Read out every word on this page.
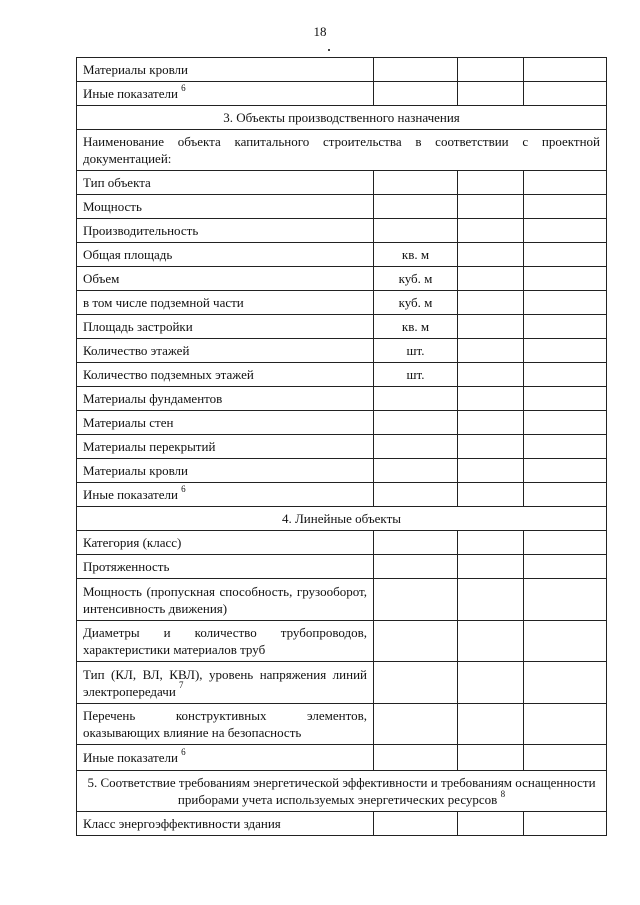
18
Материалы кровли			
Иные показатели $^6$			
3. Объекты производственного назначения			
Наименование объекта капитального строительства в соответствии с проектной документацией:			
Тип объекта			
Мощность			
Производительность			
Общая площадь	кв. м		
Объем	куб. м		
в том числе подземной части	куб. м		
Площадь застройки	кв. м		
Количество этажей	шт.		
Количество подземных этажей	шт.		
Материалы фундаментов			
Материалы стен			
Материалы перекрытий			
Материалы кровли			
Иные показатели $^6$			
4. Линейные объекты			
Категория (класс)			
Протяженность			
Мощность (пропускная способность, грузооборот, интенсивность движения)			
Диаметры и количество трубопроводов, характеристики материалов труб			
Тип (КЛ, ВЛ, КВЛ), уровень напряжения линий электропередачи $^7$			
Перечень конструктивных элементов, оказывающих влияние на безопасность			
Иные показатели $^6$			
5. Соответствие требованиям энергетической эффективности и требованиям оснащенности приборами учета используемых энергетических ресурсов $^8$
Класс энергоэффективности здания			
